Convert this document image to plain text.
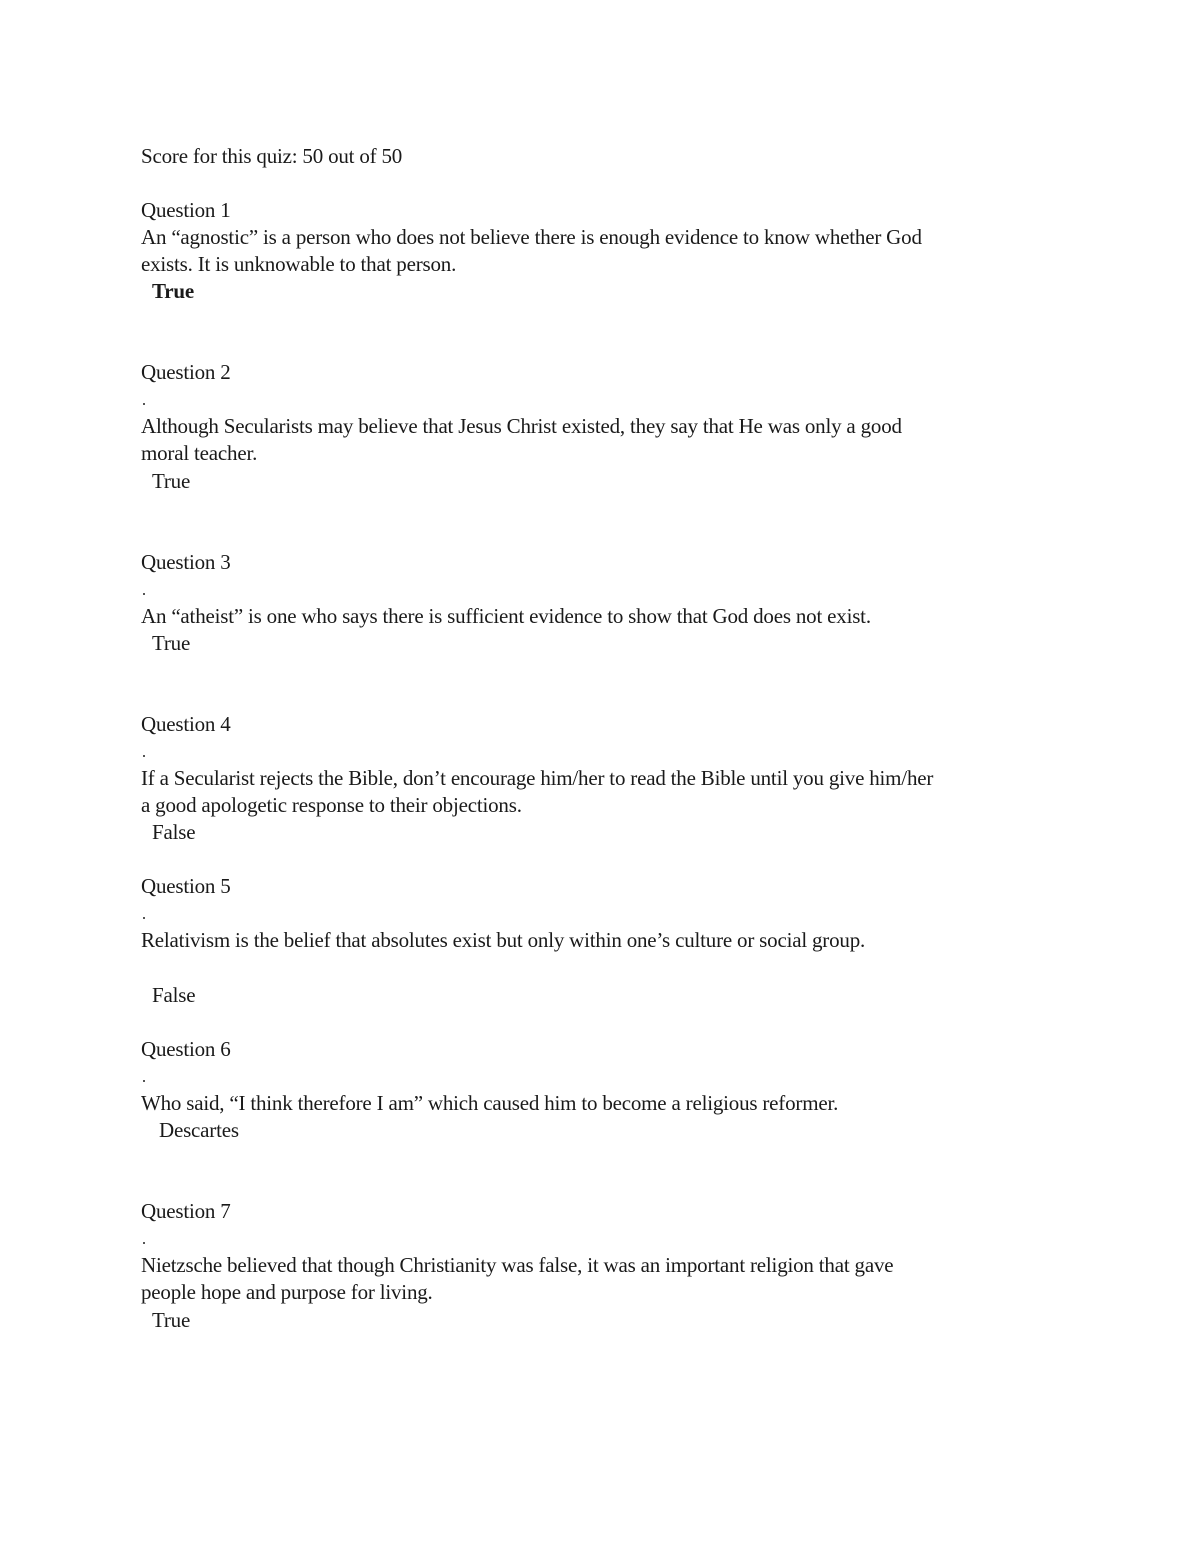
Score for this quiz: 50 out of 50
Question 1
An “agnostic” is a person who does not believe there is enough evidence to know whether God
exists. It is unknowable to that person.
True
Question 2
Although Secularists may believe that Jesus Christ existed, they say that He was only a good
moral teacher.
True
Question 3
An “atheist” is one who says there is sufficient evidence to show that God does not exist.
True
Question 4
If a Secularist rejects the Bible, don’t encourage him/her to read the Bible until you give him/her
a good apologetic response to their objections.
False
Question 5
Relativism is the belief that absolutes exist but only within one’s culture or social group.
False
Question 6
Who said, “I think therefore I am” which caused him to become a religious reformer.
Descartes
Question 7
Nietzsche believed that though Christianity was false, it was an important religion that gave
people hope and purpose for living.
True
